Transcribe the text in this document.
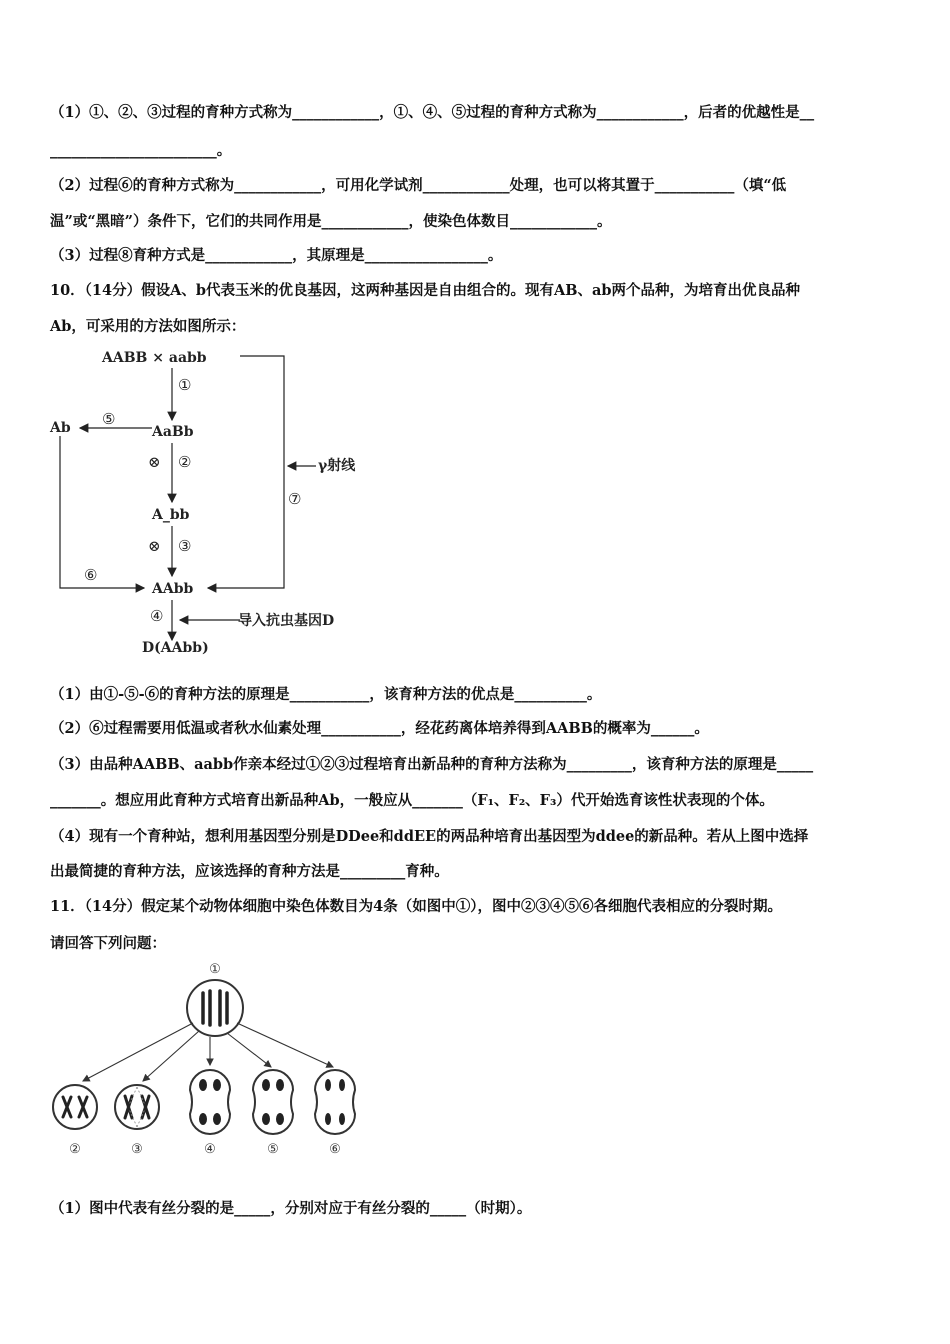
（1）①、②、③过程的育种方式称为____________，①、④、⑤过程的育种方式称为____________，后者的优越性是__
_______________________。
（2）过程⑥的育种方式称为____________，可用化学试剂____________处理，也可以将其置于___________（填“低
温”或“黑暗”）条件下，它们的共同作用是____________，使染色体数目____________。
（3）过程⑧育种方式是____________，其原理是_________________。
10．（14分）假设A、b代表玉米的优良基因，这两种基因是自由组合的。现有AB、ab两个品种，为培育出优良品种
Ab，可采用的方法如图所示：
AABB × aabb
AaBb
A_bb
AAbb
Ab
D(AAbb)
γ射线
导入抗虫基因D
①
⑤
⊗ ②
⑦
⊗ ③
⑥
④
（1）由①-⑤-⑥的育种方法的原理是___________，该育种方法的优点是__________。
（2）⑥过程需要用低温或者秋水仙素处理___________，经花药离体培养得到AABB的概率为______。
（3）由品种AABB、aabb作亲本经过①②③过程培育出新品种的育种方法称为_________，该育种方法的原理是_____
_______。想应用此育种方式培育出新品种Ab，一般应从_______（F₁、F₂、F₃）代开始选育该性状表现的个体。
（4）现有一个育种站，想利用基因型分别是DDee和ddEE的两品种培育出基因型为ddee的新品种。若从上图中选择
出最简捷的育种方法，应该选择的育种方法是_________育种。
11．（14分）假定某个动物体细胞中染色体数目为4条（如图中①），图中②③④⑤⑥各细胞代表相应的分裂时期。
请回答下列问题：
①
②	③	④	⑤	⑥
（1）图中代表有丝分裂的是_____，分别对应于有丝分裂的_____（时期）。
